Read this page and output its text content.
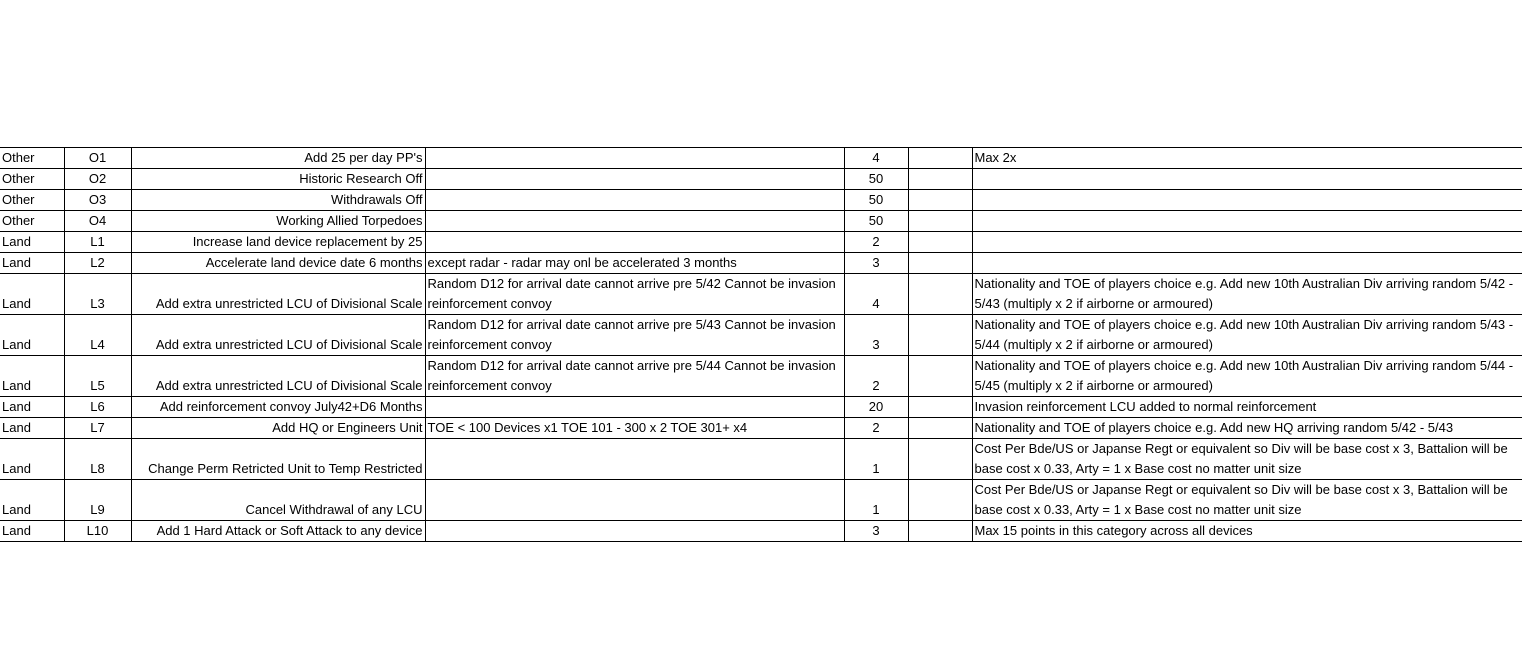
Other	O1	Add 25 per day PP's		4		Max 2x
Other	O2	Historic Research Off		50		
Other	O3	Withdrawals Off		50		
Other	O4	Working Allied Torpedoes		50		
Land	L1	Increase land device replacement by 25		2		
Land	L2	Accelerate land device date 6 months	except radar - radar may onl be accelerated 3 months	3		
Land	L3	Add extra unrestricted LCU of Divisional Scale	Random D12 for arrival date cannot arrive pre 5/42 Cannot be invasion reinforcement convoy	4		Nationality and TOE of players choice e.g. Add new 10th Australian Div arriving random 5/42 - 5/43 (multiply x 2 if airborne or armoured)
Land	L4	Add extra unrestricted LCU of Divisional Scale	Random D12 for arrival date cannot arrive pre 5/43 Cannot be invasion reinforcement convoy	3		Nationality and TOE of players choice e.g. Add new 10th Australian Div arriving random 5/43 - 5/44 (multiply x 2 if airborne or armoured)
Land	L5	Add extra unrestricted LCU of Divisional Scale	Random D12 for arrival date cannot arrive pre 5/44 Cannot be invasion reinforcement convoy	2		Nationality and TOE of players choice e.g. Add new 10th Australian Div arriving random 5/44 - 5/45 (multiply x 2 if airborne or armoured)
Land	L6	Add reinforcement convoy July42+D6 Months		20		Invasion reinforcement LCU added to normal reinforcement
Land	L7	Add HQ or Engineers Unit	TOE < 100 Devices x1 TOE 101 - 300 x 2 TOE 301+ x4	2		Nationality and TOE of players choice e.g. Add new HQ arriving random 5/42 - 5/43
Land	L8	Change Perm Retricted Unit to Temp Restricted		1		Cost Per Bde/US or Japanse Regt or equivalent so Div will be base cost x 3, Battalion will be base cost x 0.33, Arty = 1 x Base cost no matter unit size
Land	L9	Cancel Withdrawal of any LCU		1		Cost Per Bde/US or Japanse Regt or equivalent so Div will be base cost x 3, Battalion will be base cost x 0.33, Arty = 1 x Base cost no matter unit size
Land	L10	Add 1 Hard Attack or Soft Attack to any device		3		Max 15 points in this category across all devices
